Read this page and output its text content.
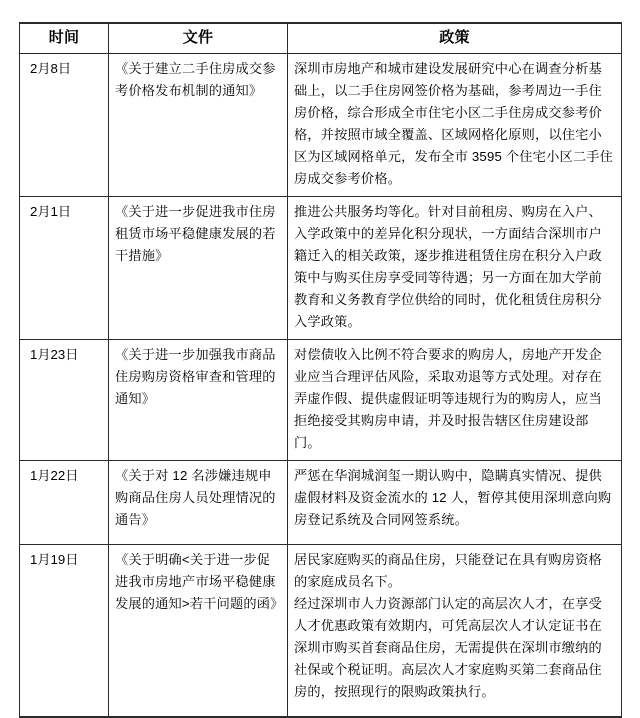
时间	文件	政策
2月8日	《关于建立二手住房成交参考价格发布机制的通知》	深圳市房地产和城市建设发展研究中心在调查分析基础上，以二手住房网签价格为基础，参考周边一手住房价格，综合形成全市住宅小区二手住房成交参考价格，并按照市域全覆盖、区域网格化原则，以住宅小区为区域网格单元，发布全市 3595 个住宅小区二手住房成交参考价格。
2月1日	《关于进一步促进我市住房租赁市场平稳健康发展的若干措施》	推进公共服务均等化。针对目前租房、购房在入户、入学政策中的差异化积分现状，一方面结合深圳市户籍迁入的相关政策，逐步推进租赁住房在积分入户政策中与购买住房享受同等待遇；另一方面在加大学前教育和义务教育学位供给的同时，优化租赁住房积分入学政策。
1月23日	《关于进一步加强我市商品住房购房资格审查和管理的通知》	对偿债收入比例不符合要求的购房人，房地产开发企业应当合理评估风险，采取劝退等方式处理。对存在弄虚作假、提供虚假证明等违规行为的购房人，应当拒绝接受其购房申请，并及时报告辖区住房建设部门。
1月22日	《关于对 12 名涉嫌违规申购商品住房人员处理情况的通告》	严惩在华润城润玺一期认购中，隐瞒真实情况、提供虚假材料及资金流水的 12 人，暂停其使用深圳意向购房登记系统及合同网签系统。
1月19日	《关于明确<关于进一步促进我市房地产市场平稳健康发展的通知>若干问题的函》	居民家庭购买的商品住房，只能登记在具有购房资格的家庭成员名下。

经过深圳市人力资源部门认定的高层次人才，在享受人才优惠政策有效期内，可凭高层次人才认定证书在深圳市购买首套商品住房，无需提供在深圳市缴纳的社保或个税证明。高层次人才家庭购买第二套商品住房的，按照现行的限购政策执行。
